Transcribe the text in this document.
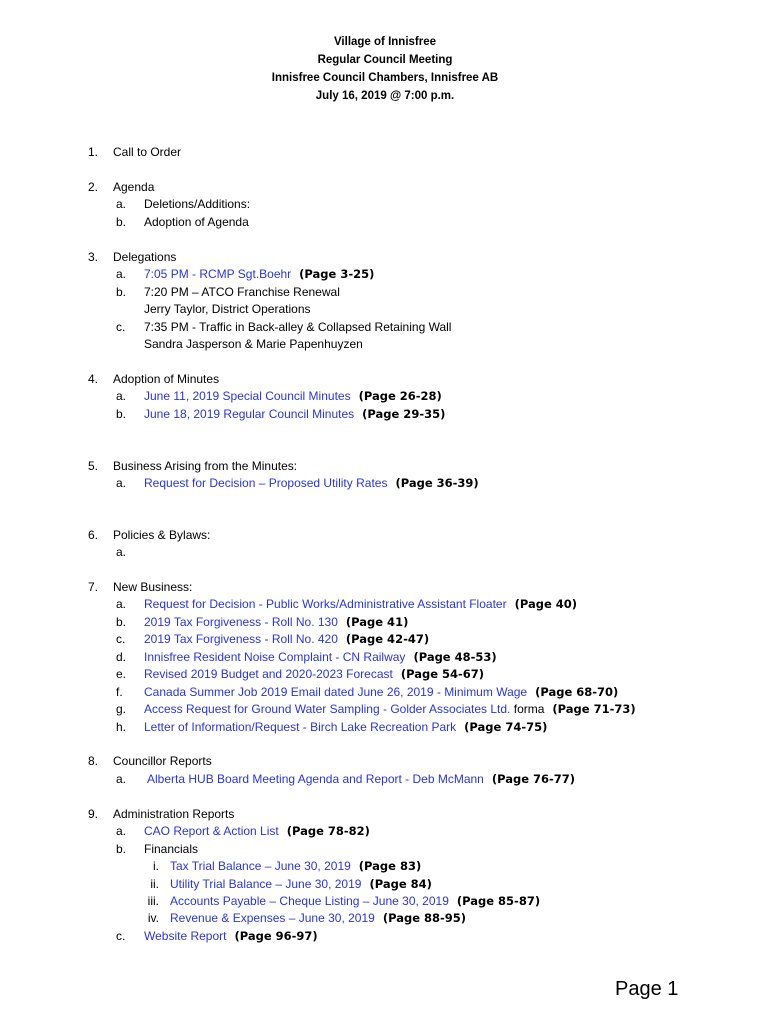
Village of Innisfree
Regular Council Meeting
Innisfree Council Chambers, Innisfree AB
July 16, 2019 @ 7:00 p.m.
1. Call to Order
2. Agenda
a. Deletions/Additions:
b. Adoption of Agenda
3. Delegations
a. 7:05 PM - RCMP Sgt.Boehr (Page 3-25)
b. 7:20 PM – ATCO Franchise Renewal
Jerry Taylor, District Operations
c. 7:35 PM - Traffic in Back-alley & Collapsed Retaining Wall
Sandra Jasperson & Marie Papenhuyzen
4. Adoption of Minutes
a. June 11, 2019 Special Council Minutes (Page 26-28)
b. June 18, 2019 Regular Council Minutes (Page 29-35)
5. Business Arising from the Minutes:
a. Request for Decision – Proposed Utility Rates (Page 36-39)
6. Policies & Bylaws:
a.
7. New Business:
a. Request for Decision - Public Works/Administrative Assistant Floater (Page 40)
b. 2019 Tax Forgiveness - Roll No. 130 (Page 41)
c. 2019 Tax Forgiveness - Roll No. 420 (Page 42-47)
d. Innisfree Resident Noise Complaint - CN Railway (Page 48-53)
e. Revised 2019 Budget and 2020-2023 Forecast (Page 54-67)
f. Canada Summer Job 2019 Email dated June 26, 2019 - Minimum Wage (Page 68-70)
g. Access Request for Ground Water Sampling - Golder Associates Ltd. forma (Page 71-73)
h. Letter of Information/Request - Birch Lake Recreation Park (Page 74-75)
8. Councillor Reports
a. Alberta HUB Board Meeting Agenda and Report - Deb McMann (Page 76-77)
9. Administration Reports
a. CAO Report & Action List (Page 78-82)
b. Financials
i. Tax Trial Balance – June 30, 2019 (Page 83)
ii. Utility Trial Balance – June 30, 2019 (Page 84)
iii. Accounts Payable – Cheque Listing – June 30, 2019 (Page 85-87)
iv. Revenue & Expenses – June 30, 2019 (Page 88-95)
c. Website Report (Page 96-97)
Page 1
